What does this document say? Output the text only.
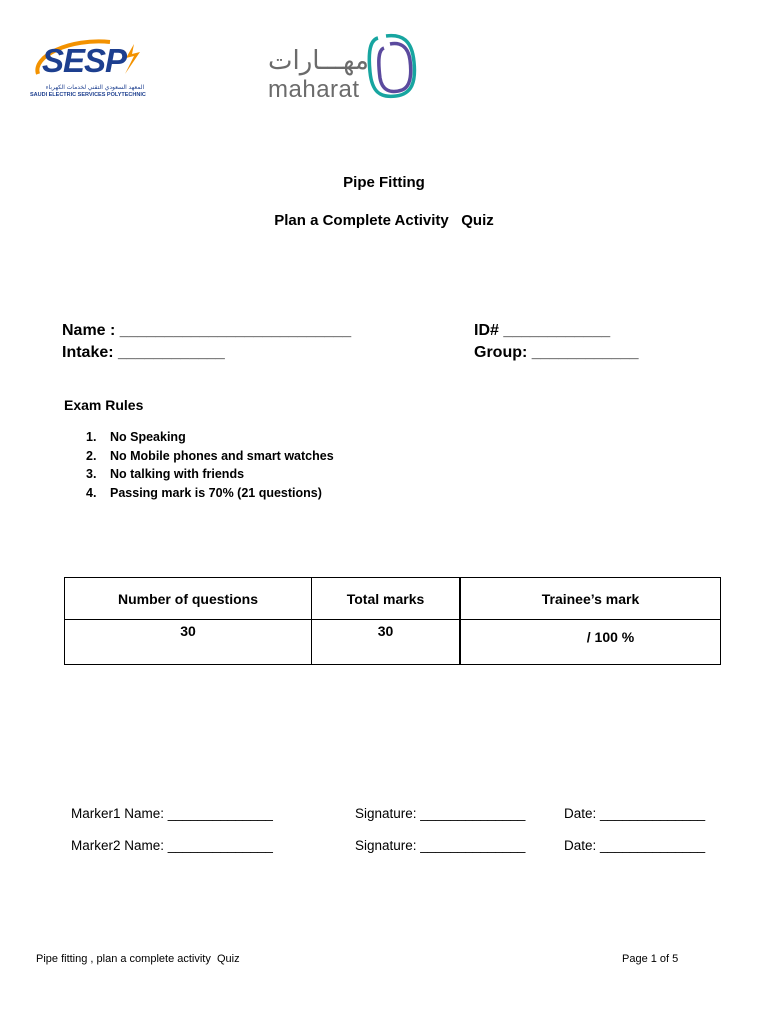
SESP
المعهد السعودي التقني لخدمات الكهرباء
SAUDI ELECTRIC SERVICES POLYTECHNIC
مهـــارات
maharat
Pipe Fitting
Plan a Complete Activity   Quiz
Name : __________________________	ID# ____________
Intake: ____________	Group: ____________
Exam Rules
1.	No Speaking
2.	No Mobile phones and smart watches
3.	No talking with friends
4.	Passing mark is 70% (21 questions)
Number of questions	Total marks	Trainee’s mark
30	30	/ 100 %
Marker1 Name: ______________	Signature: ______________	Date: ______________
Marker2 Name: ______________	Signature: ______________	Date: ______________
Pipe fitting , plan a complete activity  Quiz	Page 1 of 5
